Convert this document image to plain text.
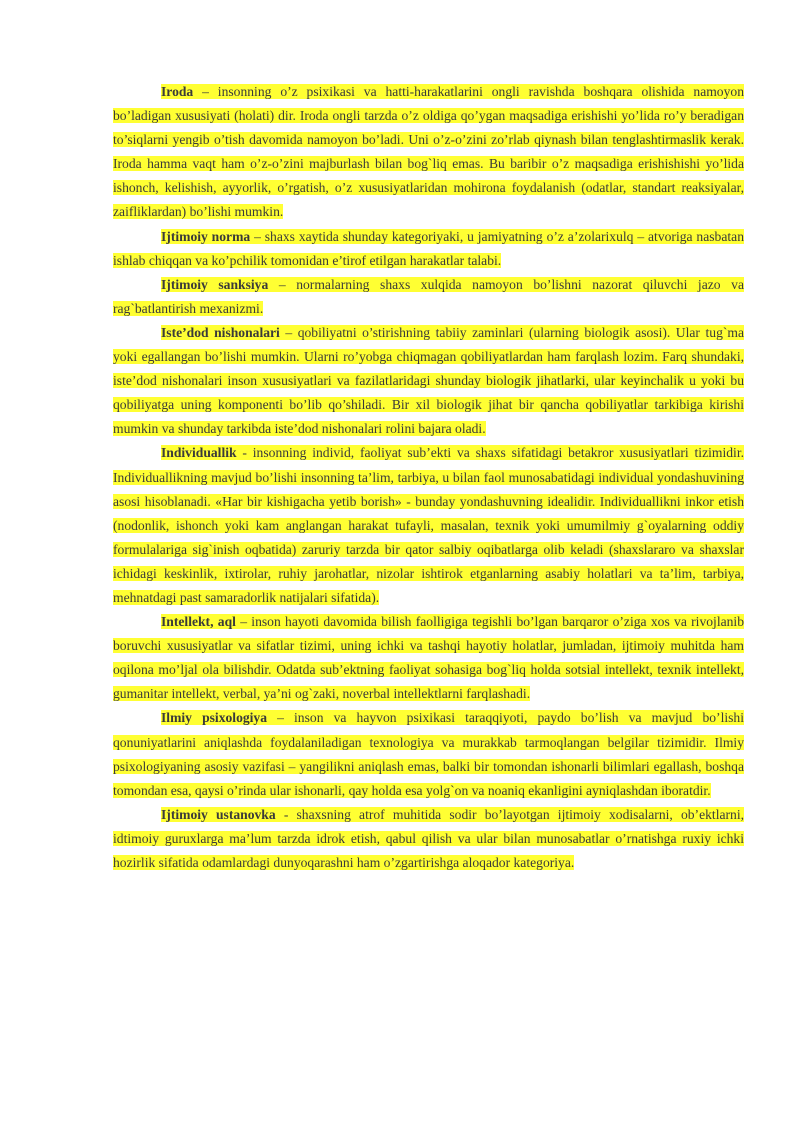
Iroda – insonning o’z psixikasi va hatti-harakatlarini ongli ravishda boshqara olishida namoyon bo’ladigan xususiyati (holati) dir. Iroda ongli tarzda o’z oldiga qo’ygan maqsadiga erishishi yo’lida ro’y beradigan to’siqlarni yengib o’tish davomida namoyon bo’ladi. Uni o’z-o’zini zo’rlab qiynash bilan tenglashtirmaslik kerak. Iroda hamma vaqt ham o’z-o’zini majburlash bilan bog`liq emas. Bu baribir o’z maqsadiga erishishishi yo’lida ishonch, kelishish, ayyorlik, o’rgatish, o’z xususiyatlaridan mohirona foydalanish (odatlar, standart reaksiyalar, zaifliklardan) bo’lishi mumkin.

Ijtimoiy norma – shaxs xaytida shunday kategoriyaki, u jamiyatning o’z a’zolarixulq – atvoriga nasbatan ishlab chiqqan va ko’pchilik tomonidan e’tirof etilgan harakatlar talabi.

Ijtimoiy sanksiya – normalarning shaxs xulqida namoyon bo’lishni nazorat qiluvchi jazo va rag`batlantirish mexanizmi.

Iste’dod nishonalari – qobiliyatni o’stirishning tabiiy zaminlari (ularning biologik asosi). Ular tug`ma yoki egallangan bo’lishi mumkin. Ularni ro’yobga chiqmagan qobiliyatlardan ham farqlash lozim. Farq shundaki, iste’dod nishonalari inson xususiyatlari va fazilatlaridagi shunday biologik jihatlarki, ular keyinchalik u yoki bu qobiliyatga uning komponenti bo’lib qo’shiladi. Bir xil biologik jihat bir qancha qobiliyatlar tarkibiga kirishi mumkin va shunday tarkibda iste’dod nishonalari rolini bajara oladi.

Individuallik - insonning individ, faoliyat sub’ekti va shaxs sifatidagi betakror xususiyatlari tizimidir. Individuallikning mavjud bo’lishi insonning ta’lim, tarbiya, u bilan faol munosabatidagi individual yondashuvining asosi hisoblanadi. «Har bir kishigacha yetib borish» - bunday yondashuvning idealidir. Individuallikni inkor etish (nodonlik, ishonch yoki kam anglangan harakat tufayli, masalan, texnik yoki umumilmiy g`oyalarning oddiy formulalariga sig`inish oqbatida) zaruriy tarzda bir qator salbiy oqibatlarga olib keladi (shaxslararo va shaxslar ichidagi keskinlik, ixtirolar, ruhiy jarohatlar, nizolar ishtirok etganlarning asabiy holatlari va ta’lim, tarbiya, mehnatdagi past samaradorlik natijalari sifatida).

Intellekt, aql – inson hayoti davomida bilish faolligiga tegishli bo’lgan barqaror o’ziga xos va rivojlanib boruvchi xususiyatlar va sifatlar tizimi, uning ichki va tashqi hayotiy holatlar, jumladan, ijtimoiy muhitda ham oqilona mo’ljal ola bilishdir. Odatda sub’ektning faoliyat sohasiga bog`liq holda sotsial intellekt, texnik intellekt, gumanitar intellekt, verbal, ya’ni og`zaki, noverbal intellektlarni farqlashadi.

Ilmiy psixologiya – inson va hayvon psixikasi taraqqiyoti, paydo bo’lish va mavjud bo’lishi qonuniyatlarini aniqlashda foydalaniladigan texnologiya va murakkab tarmoqlangan belgilar tizimidir. Ilmiy psixologiyaning asosiy vazifasi – yangilikni aniqlash emas, balki bir tomondan ishonarli bilimlari egallash, boshqa tomondan esa, qaysi o’rinda ular ishonarli, qay holda esa yolg`on va noaniq ekanligini ayniqlashdan iboratdir.

Ijtimoiy ustanovka - shaxsning atrof muhitida sodir bo’layotgan ijtimoiy xodisalarni, ob’ektlarni, idtimoiy guruxlarga ma’lum tarzda idrok etish, qabul qilish va ular bilan munosabatlar o’rnatishga ruxiy ichki hozirlik sifatida odamlardagi dunyoqarashni ham o’zgartirishga aloqador kategoriya.
